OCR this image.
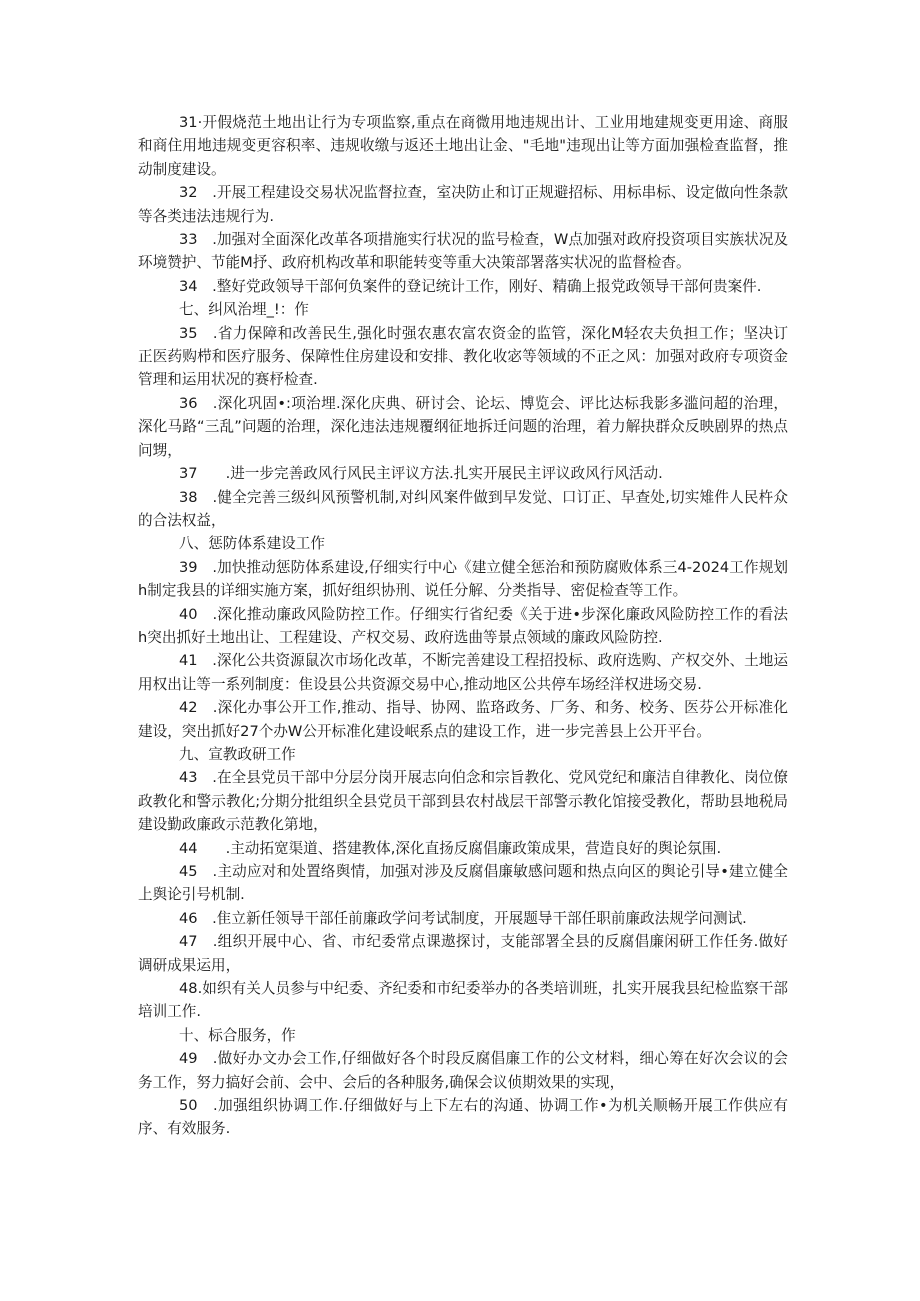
31·开假烧范土地出让行为专项监察,重点在商微用地违规出计、工业用地建规变更用途、商服和商住用地违规变更容积率、违规收缴与返还土地出让金、"毛地"违现出让等方面加强检查监督，推动制度建设。

32　.开展工程建设交易状况监督拉查，室决防止和订正规避招标、用标串标、设定做向性条款等各类违法违规行为.

33　.加强对全面深化改革各项措施实行状况的监号检查，W点加强对政府投资项目实族状况及环境赞护、节能M抒、政府机构改革和职能转变等重大决策部署落实状况的监督检杳。

34　.整好党政领导干部何负案件的登记统计工作，刚好、精确上报党政领导干部何贵案件.

七、纠风治埋_!：作

35　.省力保障和改善民生,强化时强农惠农富农资金的监管，深化M轻农夫负担工作；坚决订正医药购栉和医疗服务、保障性住房建设和安排、教化收宓等领域的不正之风：加强对政府专项资金管理和运用状况的赛杼检查.

36　.深化巩固•:项治埋.深化庆典、研讨会、论坛、博览会、评比达标我影多滥问超的治理，深化马路“三乱”问题的治理，深化违法违规覆纲征地拆迁问题的治理，着力解抉群众反映剧界的热点问甥，

37 .进一步完善政风行风民主评议方法.扎实开展民主评议政风行风活动.

38　.健全完善三级纠风预警机制,对纠风案件做到早发觉、口订正、早查处,切实雉件人民杵众的合法权益，

八、惩防体系建设工作

39　.加快推动惩防体系建设,仔细实行中心《建立健全惩治和预防腐败体系三4-2024工作规划h制定我县的详细实施方案，抓好组织协刑、说任分解、分类指导、密促检查等工作。

40　.深化推动廉政风险防控工作。仔细实行省纪委《关于进•步深化廉政风险防控工作的看法h突出抓好土地出让、工程建设、产权交易、政府选曲等景点领域的廉政风险防控.

41　.深化公共资源鼠次市场化改革，不断完善建设工程招投标、政府选购、产权交外、土地运用权出让等一系列制度：隹设县公共资源交易中心,推动地区公共停车场经洋权进场交易.

42　.深化办事公开工作,推动、指导、协网、监珞政务、厂务、和务、校务、医芬公开标准化建设，突出抓好27个办W公开标准化建设岷系点的建设工作，进一步完善县上公开平台。

九、宣教政研工作

43　.在全县党员干部中分层分岗开展志向伯念和宗旨教化、党风党纪和廉洁自律教化、岗位僚政教化和警示教化;分期分批组织全县党员干部到县农村战层干部警示教化馆接受教化，帮助县地税局建设勤政廉政示范教化第地，

44 .主动拓宽渠道、搭建教体,深化直扬反腐倡廉政策成果，营造良好的舆论氛围.

45　.主动应对和处置络舆情，加强对涉及反腐倡廉敏感问题和热点向区的舆论引导•建立健全上舆论引号机制.

46　.隹立新任领导干部任前廉政学问考试制度，开展题导干部任职前廉政法规学问测试.

47　.组织开展中心、省、市纪委常点课遨探讨，支能部署全县的反腐倡廉闲研工作任务.做好调研成果运用，

48.如织有关人员参与中纪委、齐纪委和市纪委举办的各类培训班，扎实开展我县纪检监察干部培训工作.

十、标合服务，作

49　.做好办文办会工作,仔细做好各个时段反腐倡廉工作的公文材料，细心筹在好次会议的会务工作，努力搞好会前、会中、会后的各种服务,确保会议侦期效果的实现，

50　.加强组织协调工作.仔细做好与上下左右的沟通、协调工作•为机关顺畅开展工作供应有序、有效服务.
